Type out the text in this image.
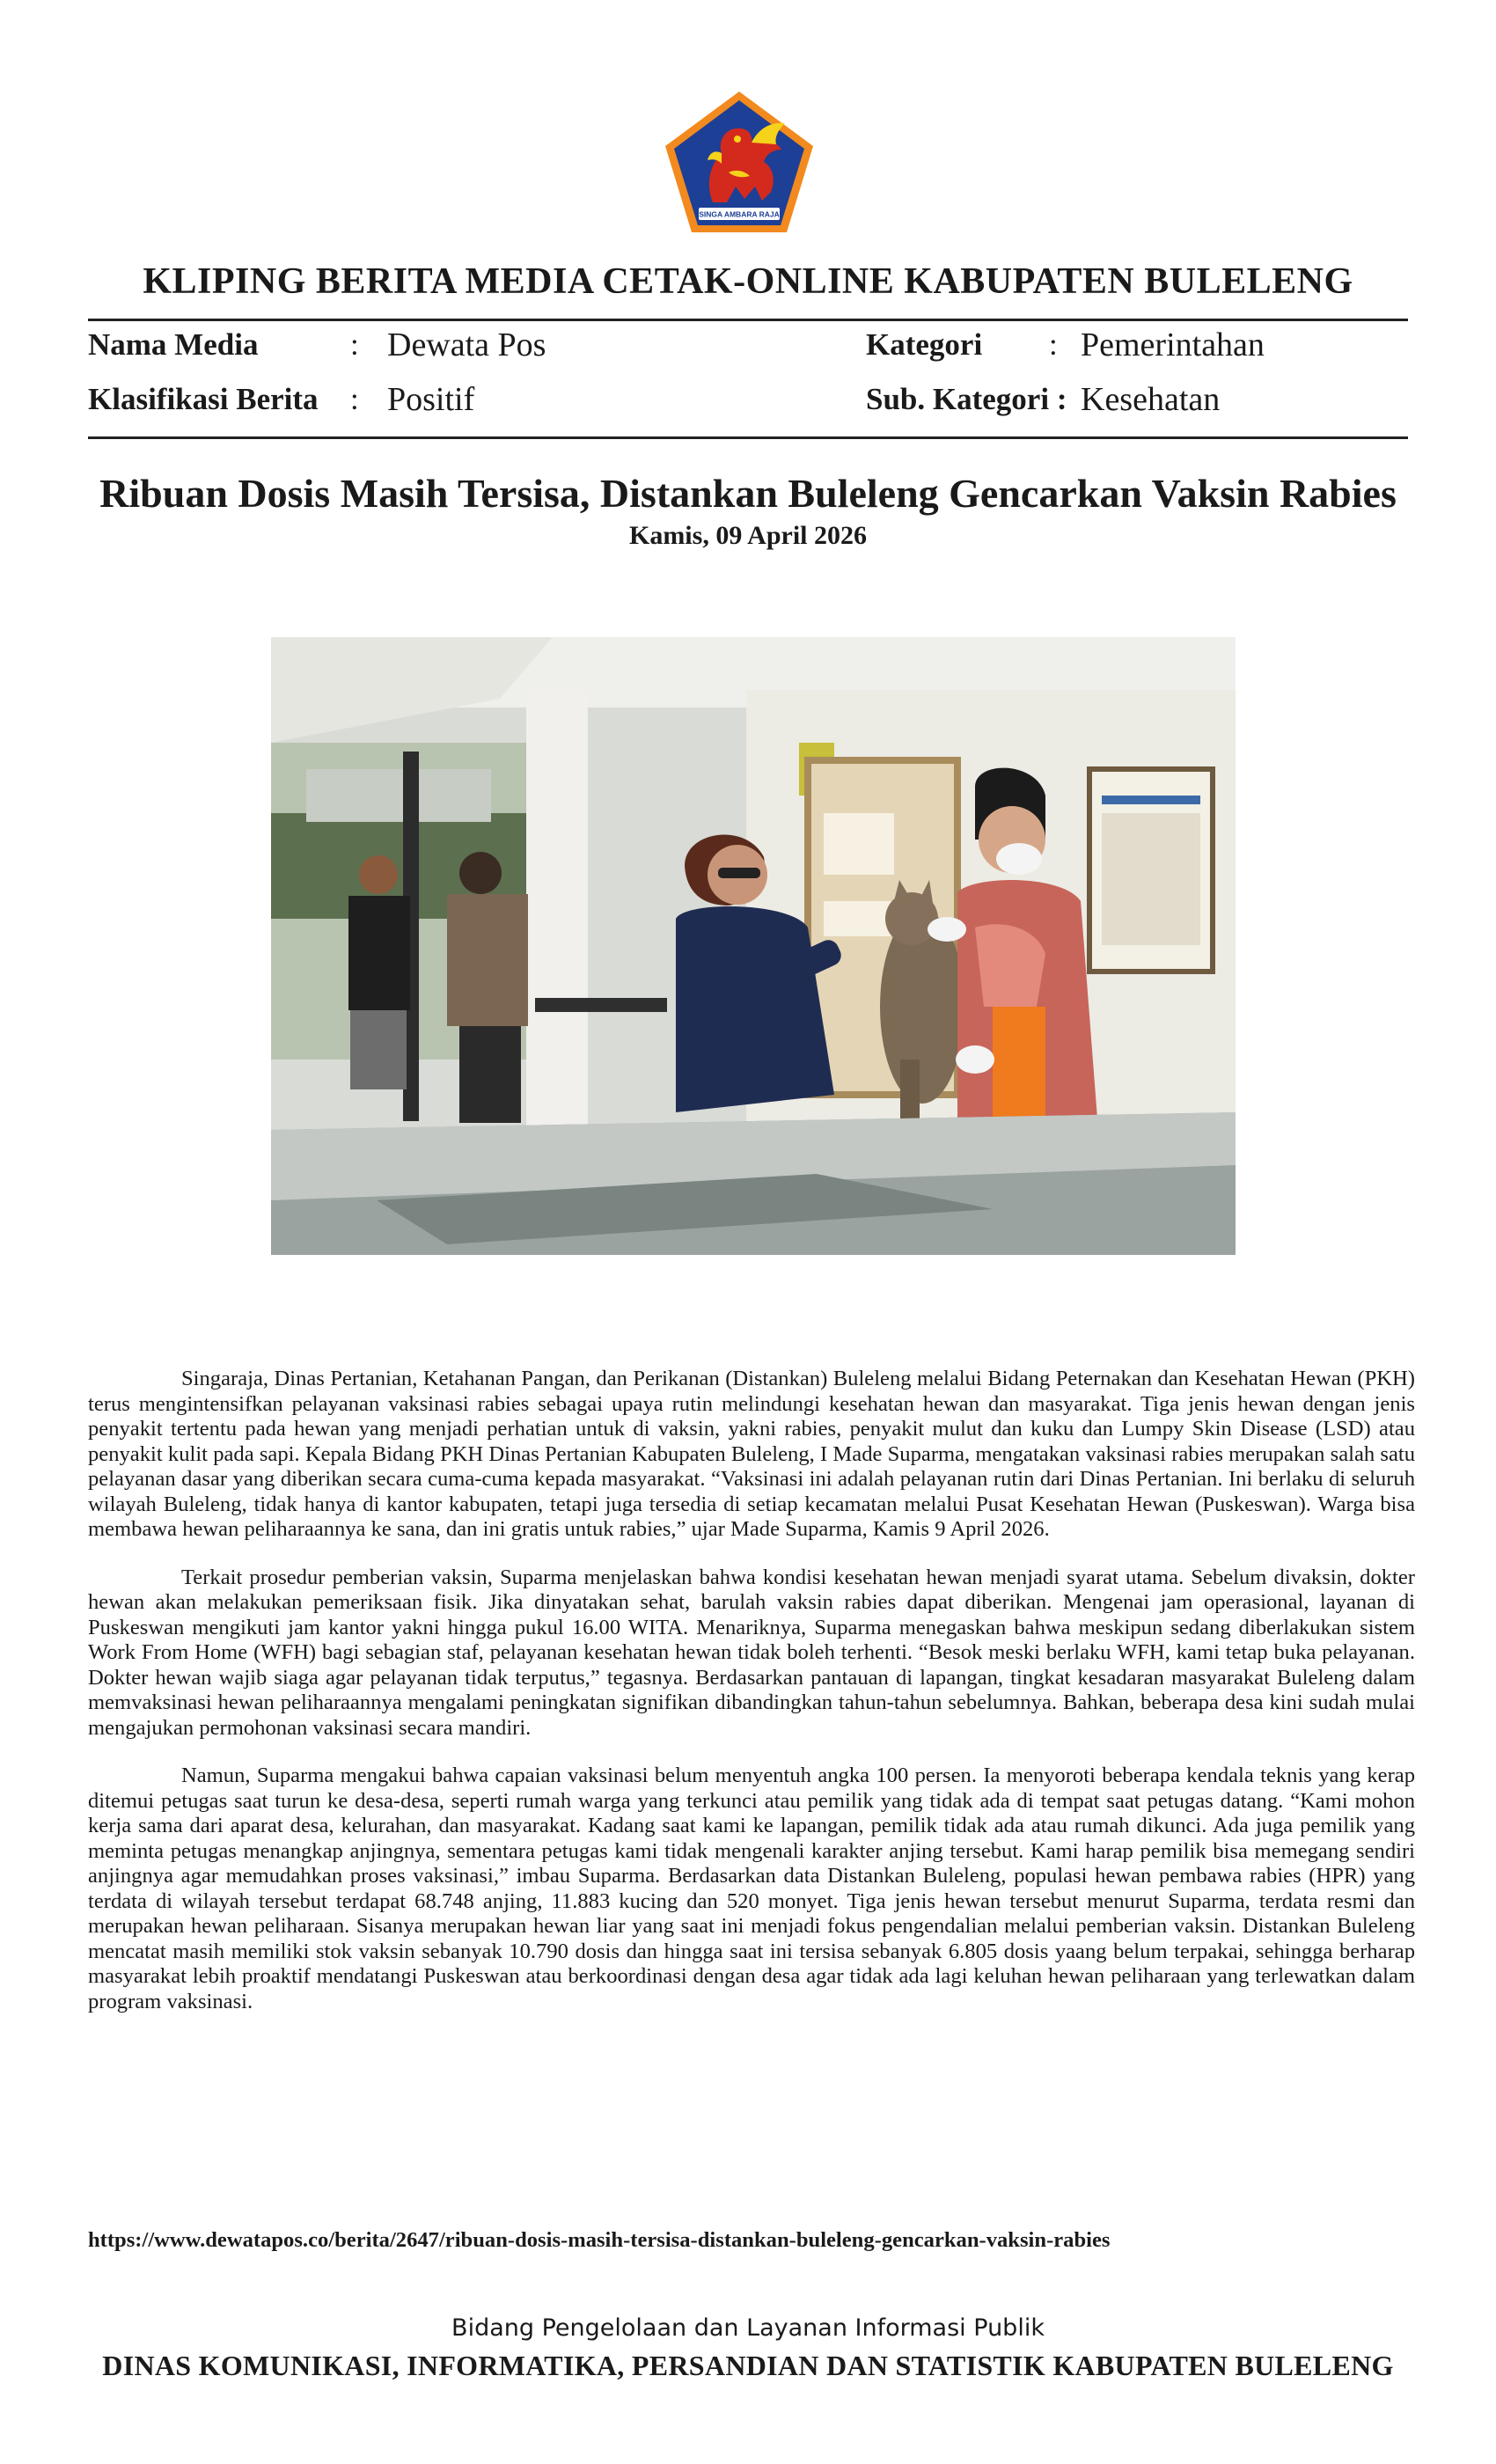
SINGA AMBARA RAJA
KLIPING BERITA MEDIA CETAK-ONLINE KABUPATEN BULELENG
Nama Media	: Dewata Pos	Kategori : Pemerintahan
Klasifikasi Berita : Positif	Sub. Kategori : Kesehatan
Ribuan Dosis Masih Tersisa, Distankan Buleleng Gencarkan Vaksin Rabies
Kamis, 09 April 2026

Singaraja, Dinas Pertanian, Ketahanan Pangan, dan Perikanan (Distankan) Buleleng melalui Bidang Peternakan dan Kesehatan Hewan (PKH) terus mengintensifkan pelayanan vaksinasi rabies sebagai upaya rutin melindungi kesehatan hewan dan masyarakat. Tiga jenis hewan dengan jenis penyakit tertentu pada hewan yang menjadi perhatian untuk di vaksin, yakni rabies, penyakit mulut dan kuku dan Lumpy Skin Disease (LSD) atau penyakit kulit pada sapi. Kepala Bidang PKH Dinas Pertanian Kabupaten Buleleng, I Made Suparma, mengatakan vaksinasi rabies merupakan salah satu pelayanan dasar yang diberikan secara cuma-cuma kepada masyarakat. “Vaksinasi ini adalah pelayanan rutin dari Dinas Pertanian. Ini berlaku di seluruh wilayah Buleleng, tidak hanya di kantor kabupaten, tetapi juga tersedia di setiap kecamatan melalui Pusat Kesehatan Hewan (Puskeswan). Warga bisa membawa hewan peliharaannya ke sana, dan ini gratis untuk rabies,” ujar Made Suparma, Kamis 9 April 2026.

Terkait prosedur pemberian vaksin, Suparma menjelaskan bahwa kondisi kesehatan hewan menjadi syarat utama. Sebelum divaksin, dokter hewan akan melakukan pemeriksaan fisik. Jika dinyatakan sehat, barulah vaksin rabies dapat diberikan. Mengenai jam operasional, layanan di Puskeswan mengikuti jam kantor yakni hingga pukul 16.00 WITA. Menariknya, Suparma menegaskan bahwa meskipun sedang diberlakukan sistem Work From Home (WFH) bagi sebagian staf, pelayanan kesehatan hewan tidak boleh terhenti. “Besok meski berlaku WFH, kami tetap buka pelayanan. Dokter hewan wajib siaga agar pelayanan tidak terputus,” tegasnya. Berdasarkan pantauan di lapangan, tingkat kesadaran masyarakat Buleleng dalam memvaksinasi hewan peliharaannya mengalami peningkatan signifikan dibandingkan tahun-tahun sebelumnya. Bahkan, beberapa desa kini sudah mulai mengajukan permohonan vaksinasi secara mandiri.

Namun, Suparma mengakui bahwa capaian vaksinasi belum menyentuh angka 100 persen. Ia menyoroti beberapa kendala teknis yang kerap ditemui petugas saat turun ke desa-desa, seperti rumah warga yang terkunci atau pemilik yang tidak ada di tempat saat petugas datang. “Kami mohon kerja sama dari aparat desa, kelurahan, dan masyarakat. Kadang saat kami ke lapangan, pemilik tidak ada atau rumah dikunci. Ada juga pemilik yang meminta petugas menangkap anjingnya, sementara petugas kami tidak mengenali karakter anjing tersebut. Kami harap pemilik bisa memegang sendiri anjingnya agar memudahkan proses vaksinasi,” imbau Suparma. Berdasarkan data Distankan Buleleng, populasi hewan pembawa rabies (HPR) yang terdata di wilayah tersebut terdapat 68.748 anjing, 11.883 kucing dan 520 monyet. Tiga jenis hewan tersebut menurut Suparma, terdata resmi dan merupakan hewan peliharaan. Sisanya merupakan hewan liar yang saat ini menjadi fokus pengendalian melalui pemberian vaksin. Distankan Buleleng mencatat masih memiliki stok vaksin sebanyak 10.790 dosis dan hingga saat ini tersisa sebanyak 6.805 dosis yaang belum terpakai, sehingga berharap masyarakat lebih proaktif mendatangi Puskeswan atau berkoordinasi dengan desa agar tidak ada lagi keluhan hewan peliharaan yang terlewatkan dalam program vaksinasi.

https://www.dewatapos.co/berita/2647/ribuan-dosis-masih-tersisa-distankan-buleleng-gencarkan-vaksin-rabies
Bidang Pengelolaan dan Layanan Informasi Publik
DINAS KOMUNIKASI, INFORMATIKA, PERSANDIAN DAN STATISTIK KABUPATEN BULELENG
